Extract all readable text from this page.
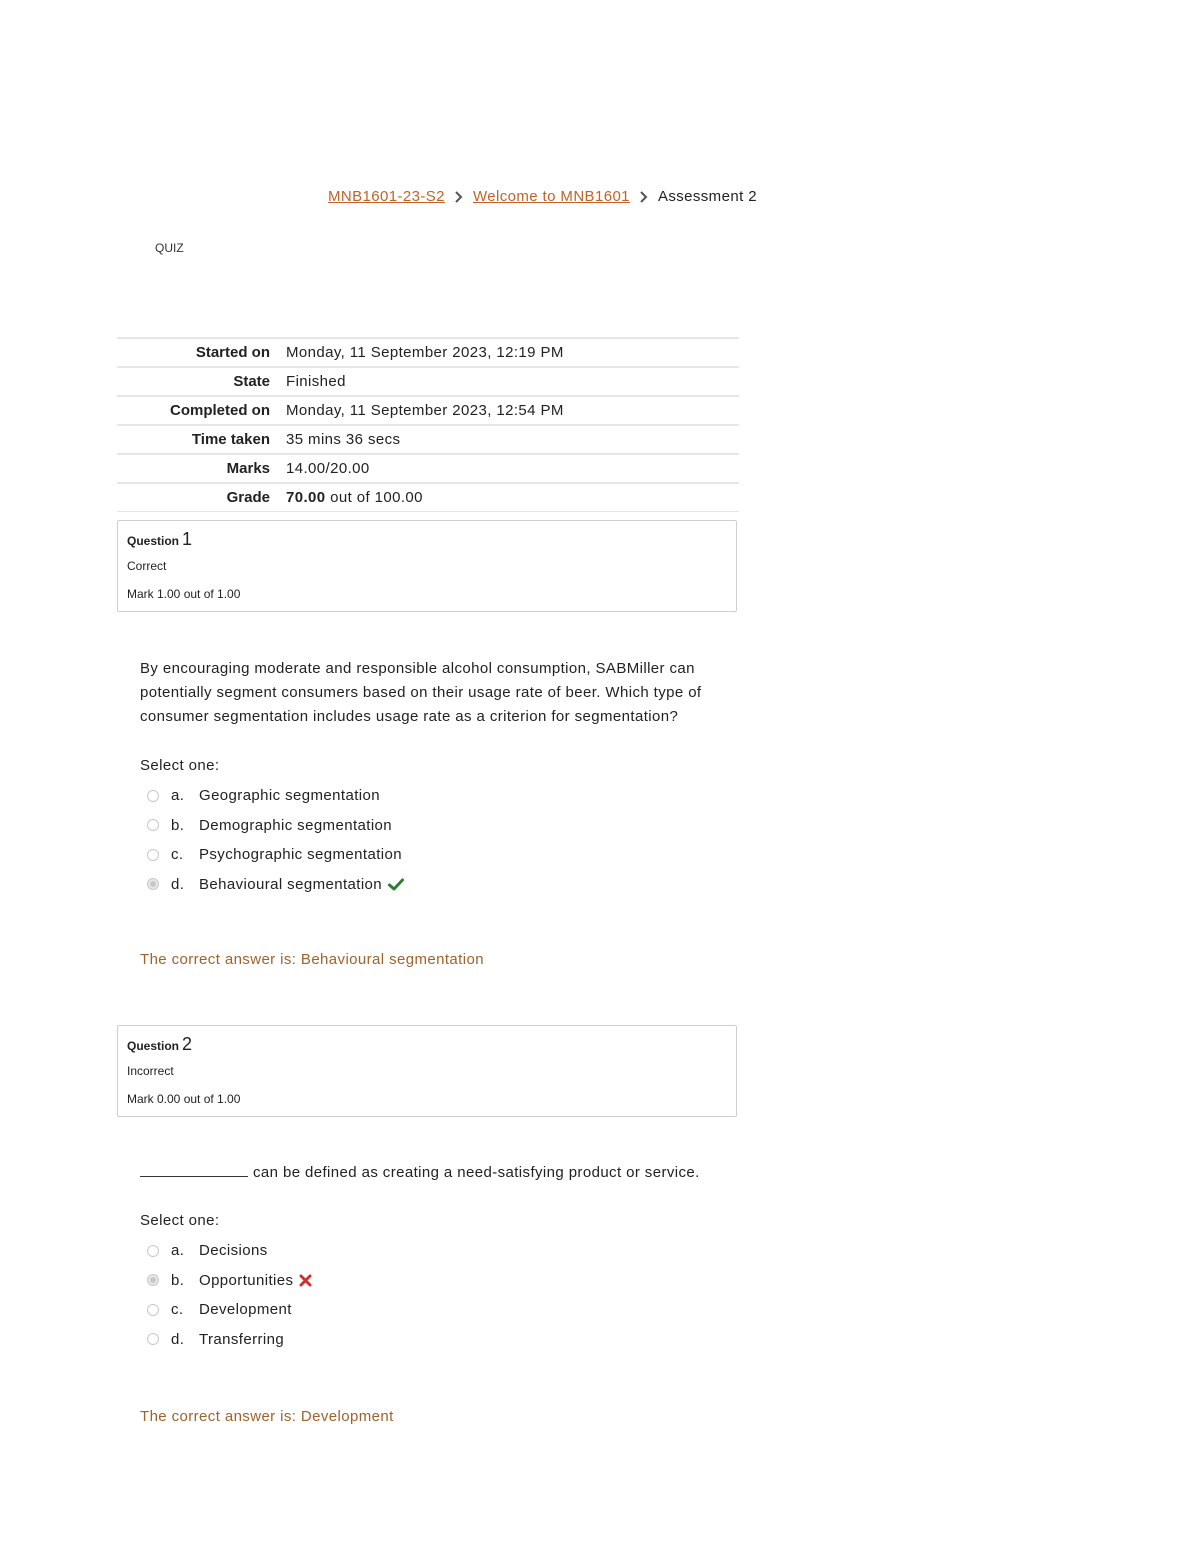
MNB1601-23-S2 Welcome to MNB1601 Assessment 2
QUIZ
Started on	Monday, 11 September 2023, 12:19 PM
State	Finished
Completed on	Monday, 11 September 2023, 12:54 PM
Time taken	35 mins 36 secs
Marks	14.00/20.00
Grade	70.00 out of 100.00
Question 1
Correct
Mark 1.00 out of 1.00
By encouraging moderate and responsible alcohol consumption, SABMiller can potentially segment consumers based on their usage rate of beer. Which type of consumer segmentation includes usage rate as a criterion for segmentation?
Select one:
a. Geographic segmentation
b. Demographic segmentation
c.	Psychographic segmentation
d. Behavioural segmentation
The correct answer is: Behavioural segmentation
Question 2
Incorrect
Mark 0.00 out of 1.00
can be defined as creating a need-satisfying product or service.
Select one:
a. Decisions
b. Opportunities
c.	Development
d. Transferring
The correct answer is: Development
